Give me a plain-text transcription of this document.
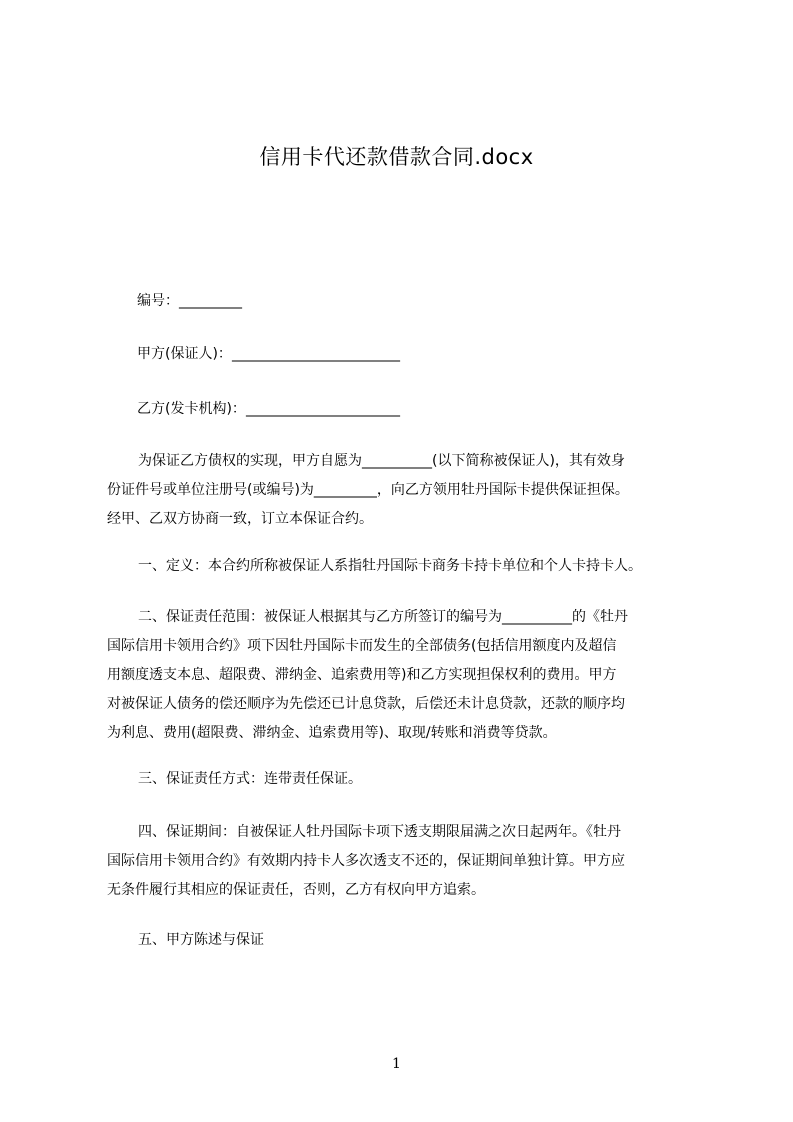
信用卡代还款借款合同.docx
编号：_________
甲方(保证人)：________________________
乙方(发卡机构)：______________________
为保证乙方债权的实现，甲方自愿为__________(以下简称被保证人)，其有效身
份证件号或单位注册号(或编号)为_________，向乙方领用牡丹国际卡提供保证担保。
经甲、乙双方协商一致，订立本保证合约。
一、定义：本合约所称被保证人系指牡丹国际卡商务卡持卡单位和个人卡持卡人。
二、保证责任范围：被保证人根据其与乙方所签订的编号为__________的《牡丹
国际信用卡领用合约》项下因牡丹国际卡而发生的全部债务(包括信用额度内及超信
用额度透支本息、超限费、滞纳金、追索费用等)和乙方实现担保权利的费用。甲方
对被保证人债务的偿还顺序为先偿还已计息贷款，后偿还未计息贷款，还款的顺序均
为利息、费用(超限费、滞纳金、追索费用等)、取现/转账和消费等贷款。
三、保证责任方式：连带责任保证。
四、保证期间：自被保证人牡丹国际卡项下透支期限届满之次日起两年。《牡丹
国际信用卡领用合约》有效期内持卡人多次透支不还的，保证期间单独计算。甲方应
无条件履行其相应的保证责任，否则，乙方有权向甲方追索。
五、甲方陈述与保证
1
